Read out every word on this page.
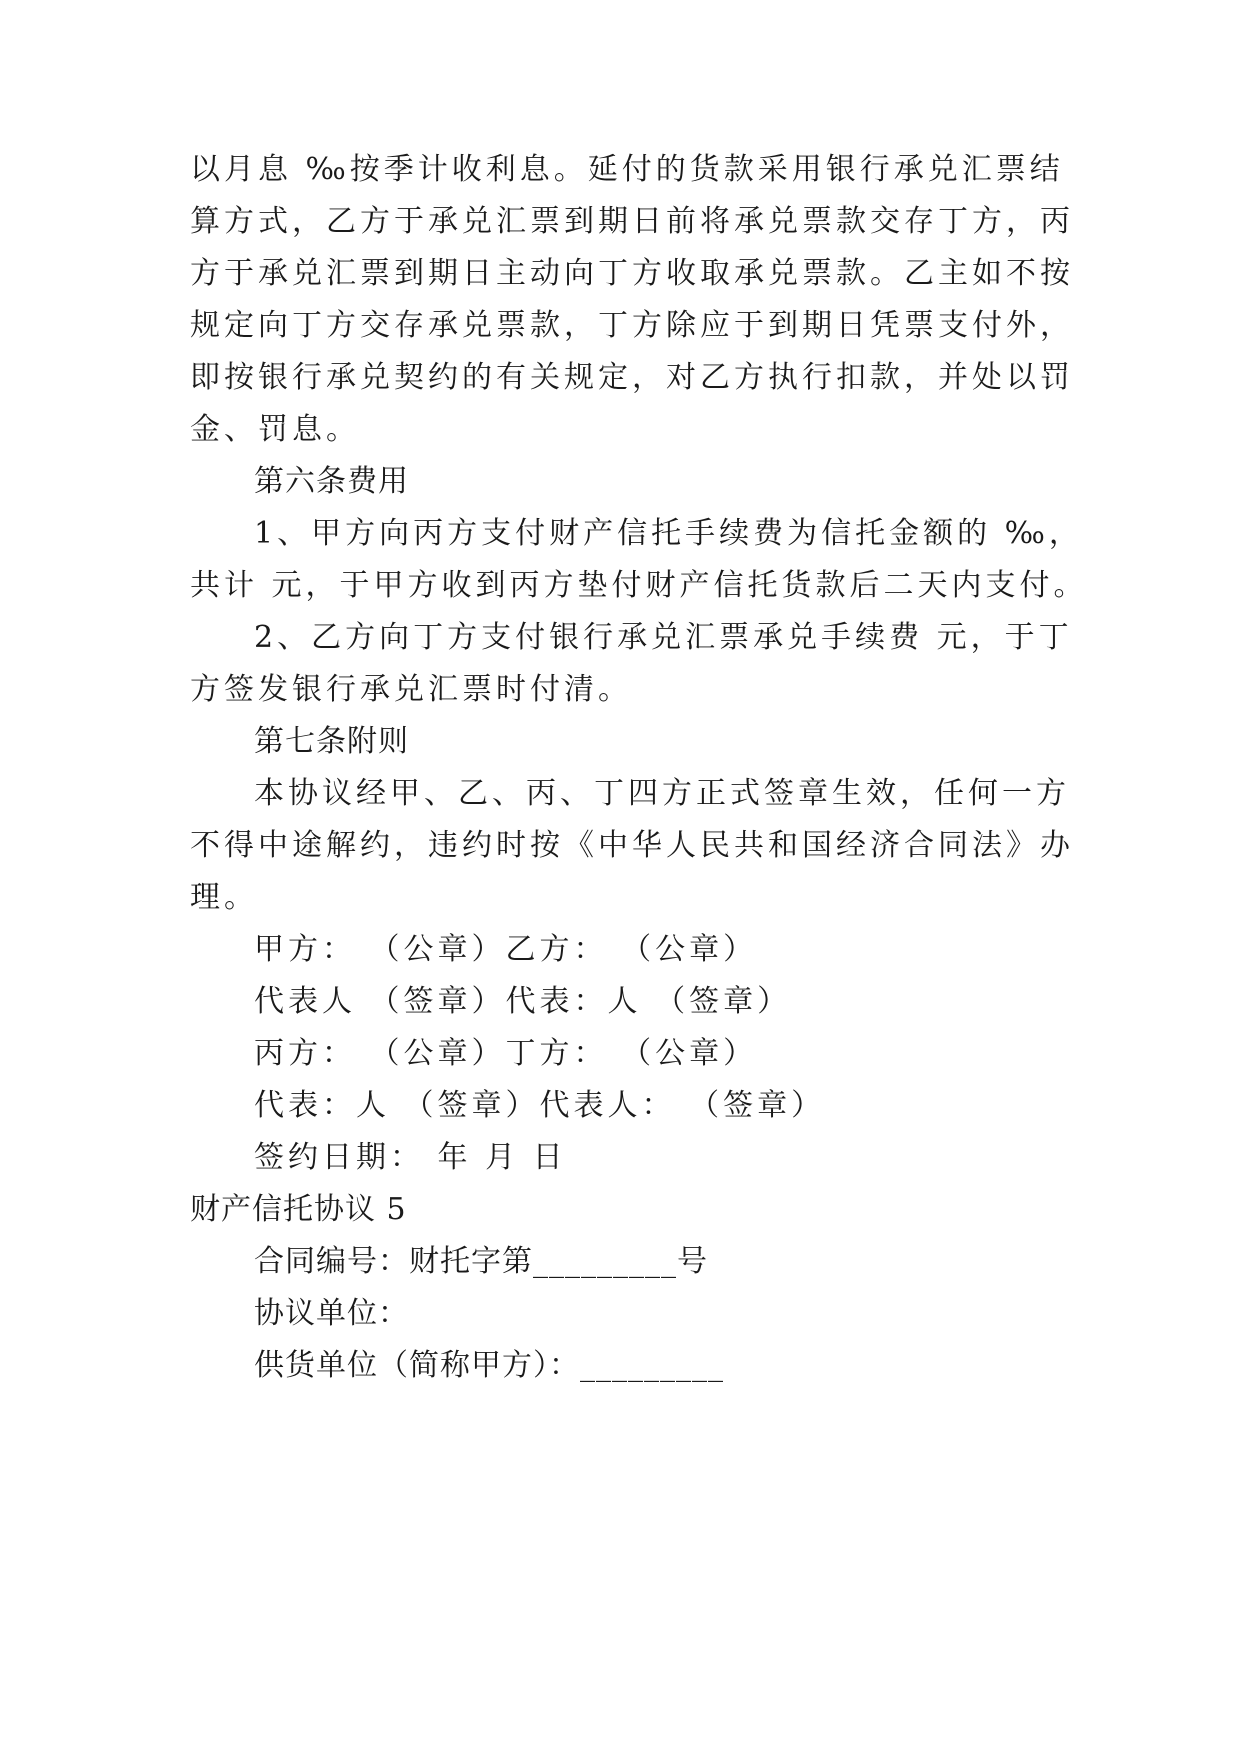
以月息 ‰按季计收利息。延付的货款采用银行承兑汇票结
算方式，乙方于承兑汇票到期日前将承兑票款交存丁方，丙
方于承兑汇票到期日主动向丁方收取承兑票款。乙主如不按
规定向丁方交存承兑票款，丁方除应于到期日凭票支付外，
即按银行承兑契约的有关规定，对乙方执行扣款，并处以罚
金、罚息。
第六条费用
1、甲方向丙方支付财产信托手续费为信托金额的 ‰，
共计 元，于甲方收到丙方垫付财产信托货款后二天内支付。
2、乙方向丁方支付银行承兑汇票承兑手续费 元，于丁
方签发银行承兑汇票时付清。
第七条附则
本协议经甲、乙、丙、丁四方正式签章生效，任何一方
不得中途解约，违约时按《中华人民共和国经济合同法》办
理。
甲方： （公章）乙方： （公章）
代表人 （签章）代表：人 （签章）
丙方： （公章）丁方： （公章）
代表：人 （签章）代表人： （签章）
签约日期： 年 月 日
财产信托协议 5
合同编号：财托字第_________号
协议单位：
供货单位（简称甲方）：_________
